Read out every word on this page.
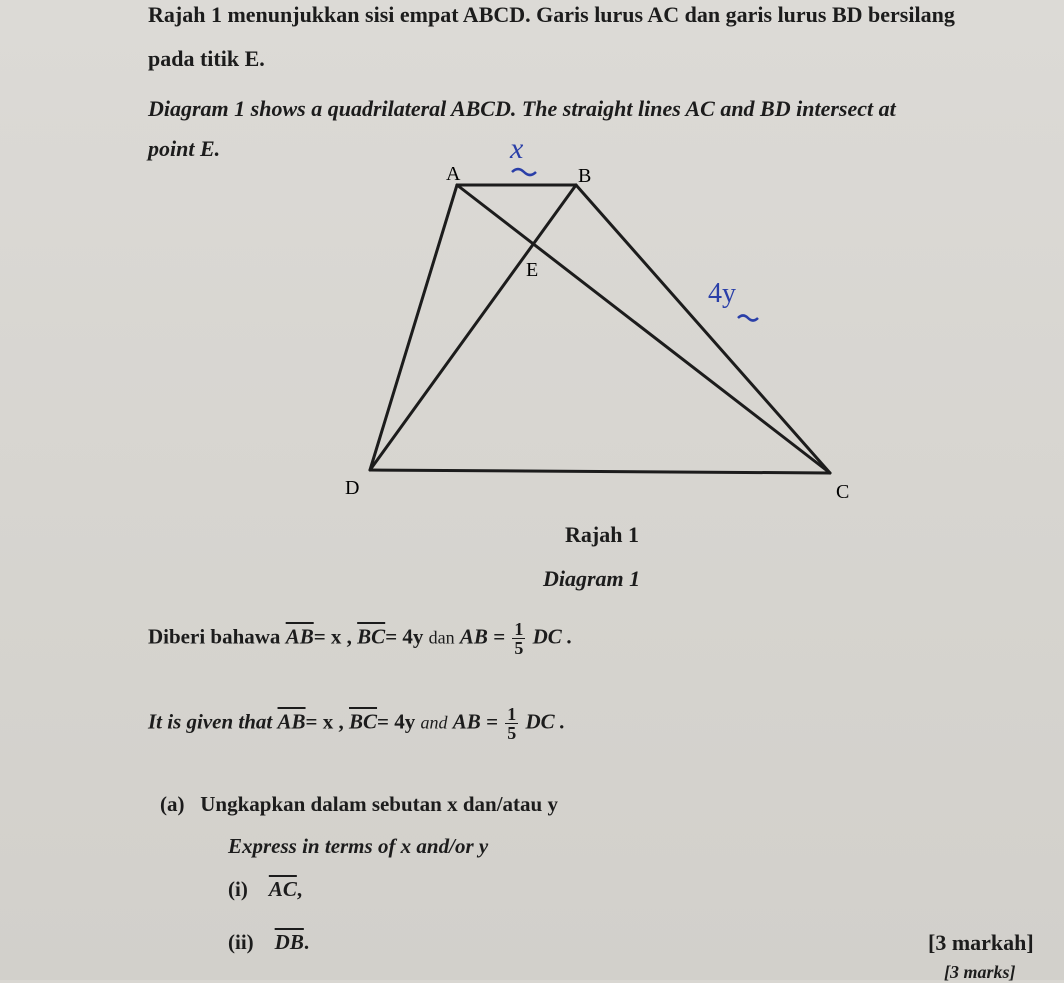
Rajah 1 menunjukkan sisi empat ABCD. Garis lurus AC dan garis lurus BD bersilang
pada titik E.
Diagram 1 shows a quadrilateral ABCD. The straight lines AC and BD intersect at
point E.
A	B
E
D	C
x
4y
Rajah 1
Diagram 1
Diberi bahawa $\overline{AB}= x$ , $\overline{BC}= 4y$ dan AB = $\frac{1}{5}$ DC .
It is given that $\overline{AB}= x$ , $\overline{BC}= 4y$ and AB = $\frac{1}{5}$ DC .
(a) Ungkapkan dalam sebutan x dan/atau y
Express in terms of x and/or y
(i) $\overline{AC}$,
(ii) $\overline{DB}$.	[3 markah]
[3 marks]
